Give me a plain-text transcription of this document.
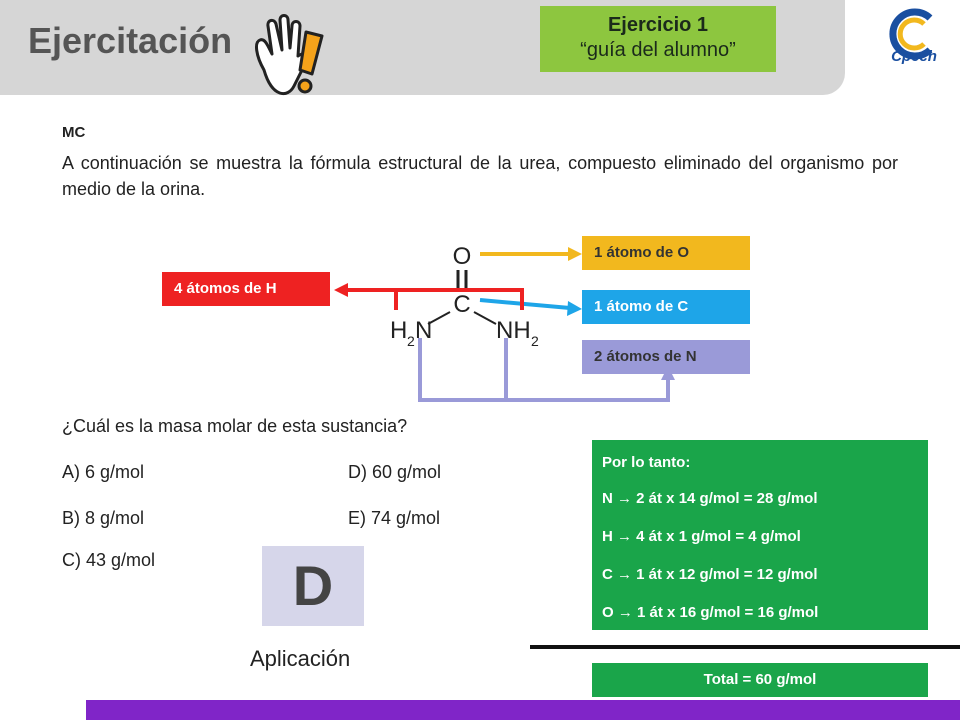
Ejercitación	Ejercicio 1
“guía del alumno”	Cpech
MC
A continuación se muestra la fórmula estructural de la urea, compuesto eliminado del organismo por medio de la orina.
O
C
H 2 N	NH 2
1 átomo de O
1 átomo de C
2 átomos de N
4 átomos de H
¿Cuál es la masa molar de esta sustancia?
A) 6 g/mol
B) 8 g/mol
C) 43 g/mol
D) 60 g/mol
E) 74 g/mol
D
Aplicación
Por lo tanto:
N → 2 át x 14 g/mol = 28 g/mol
H → 4 át x 1 g/mol = 4 g/mol
C → 1 át x 12 g/mol = 12 g/mol
O → 1 át x 16 g/mol = 16 g/mol
Total = 60 g/mol
